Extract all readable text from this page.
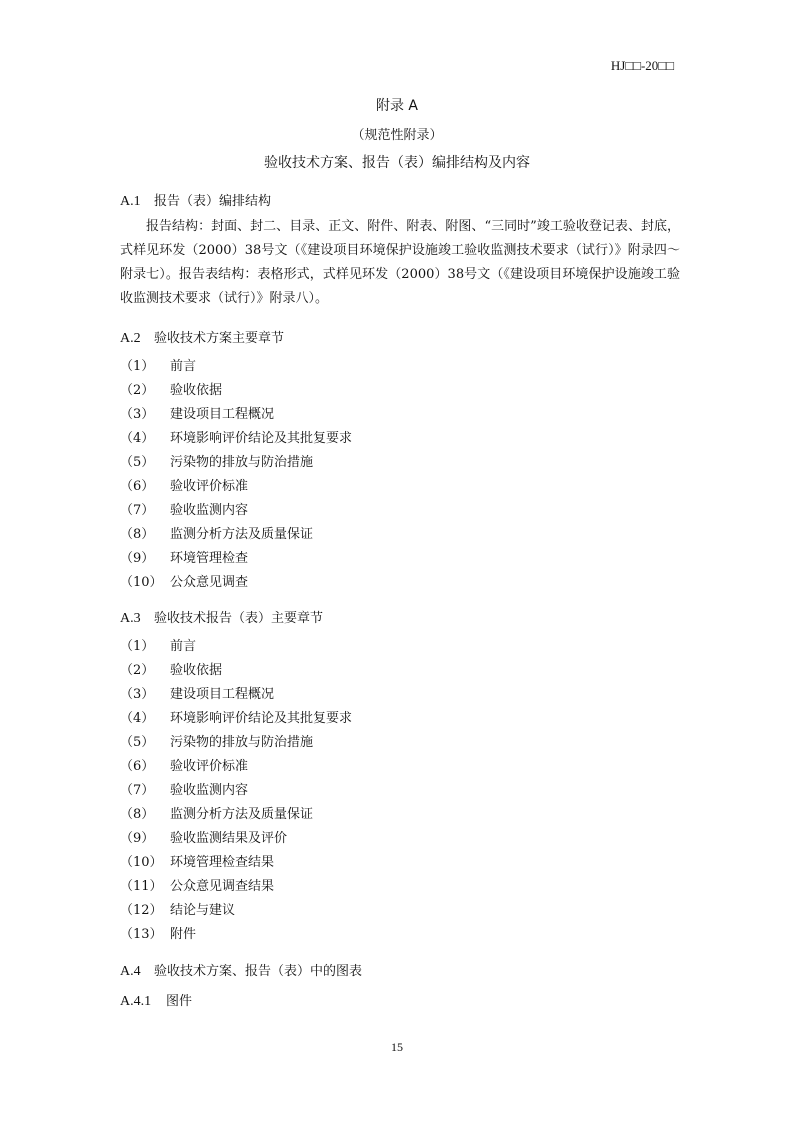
HJ□□-20□□
附录 A
（规范性附录）
验收技术方案、报告（表）编排结构及内容
A.1 报告（表）编排结构
报告结构：封面、封二、目录、正文、附件、附表、附图、“三同时”竣工验收登记表、封底，式样见环发（2000）38号文（《建设项目环境保护设施竣工验收监测技术要求（试行）》附录四～附录七）。报告表结构：表格形式，式样见环发（2000）38号文（《建设项目环境保护设施竣工验收监测技术要求（试行）》附录八）。
A.2 验收技术方案主要章节
（1） 前言
（2） 验收依据
（3） 建设项目工程概况
（4） 环境影响评价结论及其批复要求
（5） 污染物的排放与防治措施
（6） 验收评价标准
（7） 验收监测内容
（8） 监测分析方法及质量保证
（9） 环境管理检查
（10） 公众意见调查
A.3 验收技术报告（表）主要章节
（1） 前言
（2） 验收依据
（3） 建设项目工程概况
（4） 环境影响评价结论及其批复要求
（5） 污染物的排放与防治措施
（6） 验收评价标准
（7） 验收监测内容
（8） 监测分析方法及质量保证
（9） 验收监测结果及评价
（10） 环境管理检查结果
（11） 公众意见调查结果
（12） 结论与建议
（13） 附件
A.4 验收技术方案、报告（表）中的图表
A.4.1 图件
15
